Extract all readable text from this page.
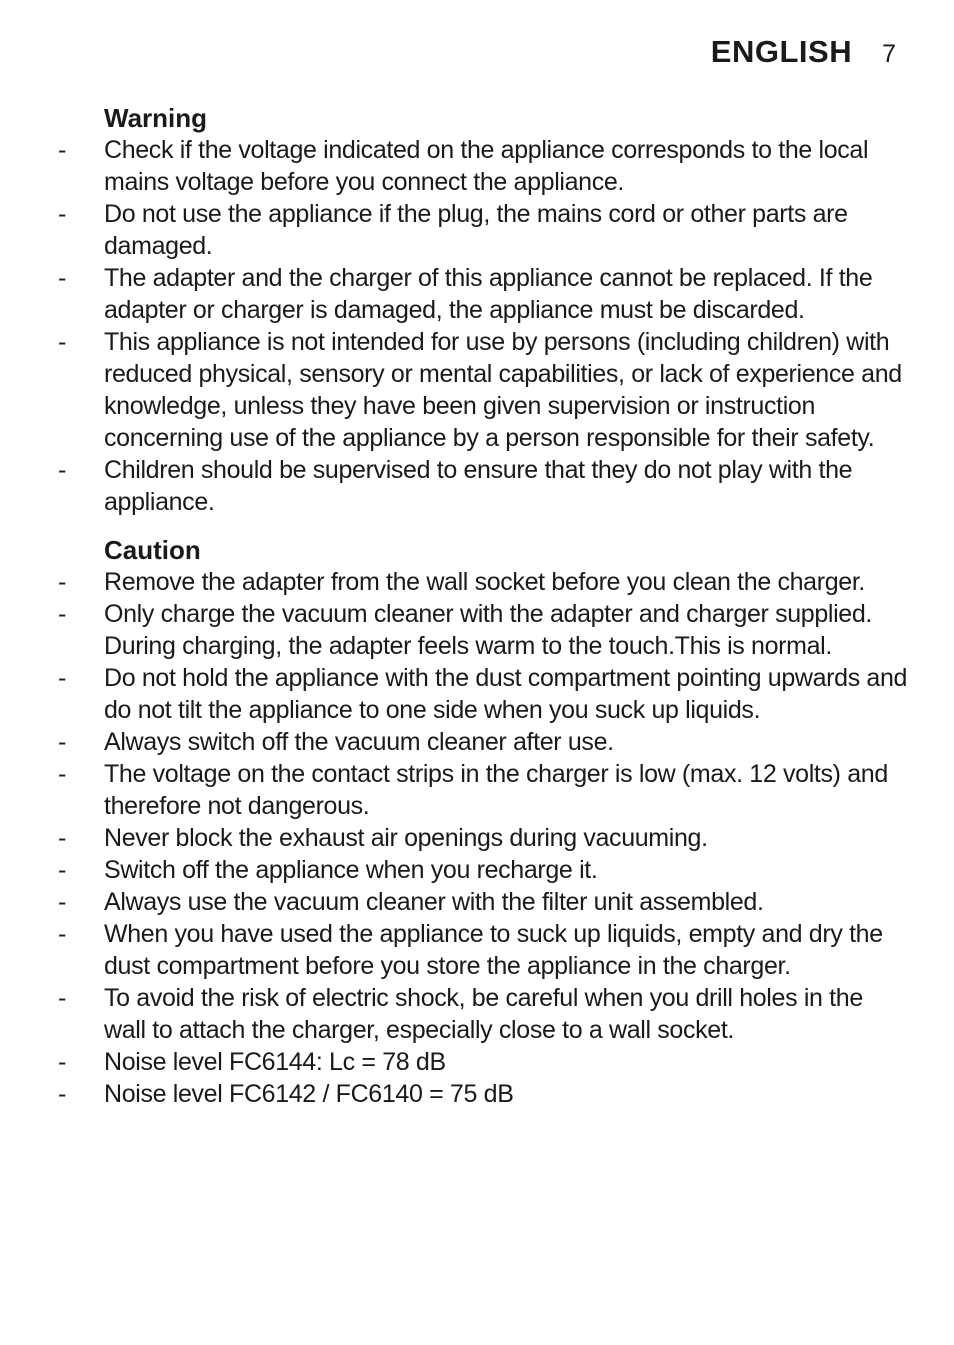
ENGLISH 7
Warning
-	Check if the voltage indicated on the appliance corresponds to the local mains voltage before you connect the appliance.
-	Do not use the appliance if the plug, the mains cord or other parts are damaged.
-	The adapter and the charger of this appliance cannot be replaced. If the adapter or charger is damaged, the appliance must be discarded.
-	This appliance is not intended for use by persons (including children) with reduced physical, sensory or mental capabilities, or lack of experience and knowledge, unless they have been given supervision or instruction concerning use of the appliance by a person responsible for their safety.
-	Children should be supervised to ensure that they do not play with the appliance.
Caution
-	Remove the adapter from the wall socket before you clean the charger.
-	Only charge the vacuum cleaner with the adapter and charger supplied. During charging, the adapter feels warm to the touch.This is normal.
-	Do not hold the appliance with the dust compartment pointing upwards and do not tilt the appliance to one side when you suck up liquids.
-	Always switch off the vacuum cleaner after use.
-	The voltage on the contact strips in the charger is low (max. 12 volts) and therefore not dangerous.
-	Never block the exhaust air openings during vacuuming.
-	Switch off the appliance when you recharge it.
-	Always use the vacuum cleaner with the filter unit assembled.
-	When you have used the appliance to suck up liquids, empty and dry the dust compartment before you store the appliance in the charger.
-	To avoid the risk of electric shock, be careful when you drill holes in the wall to attach the charger, especially close to a wall socket.
-	Noise level FC6144: Lc = 78 dB
-	Noise level FC6142 / FC6140 = 75 dB
